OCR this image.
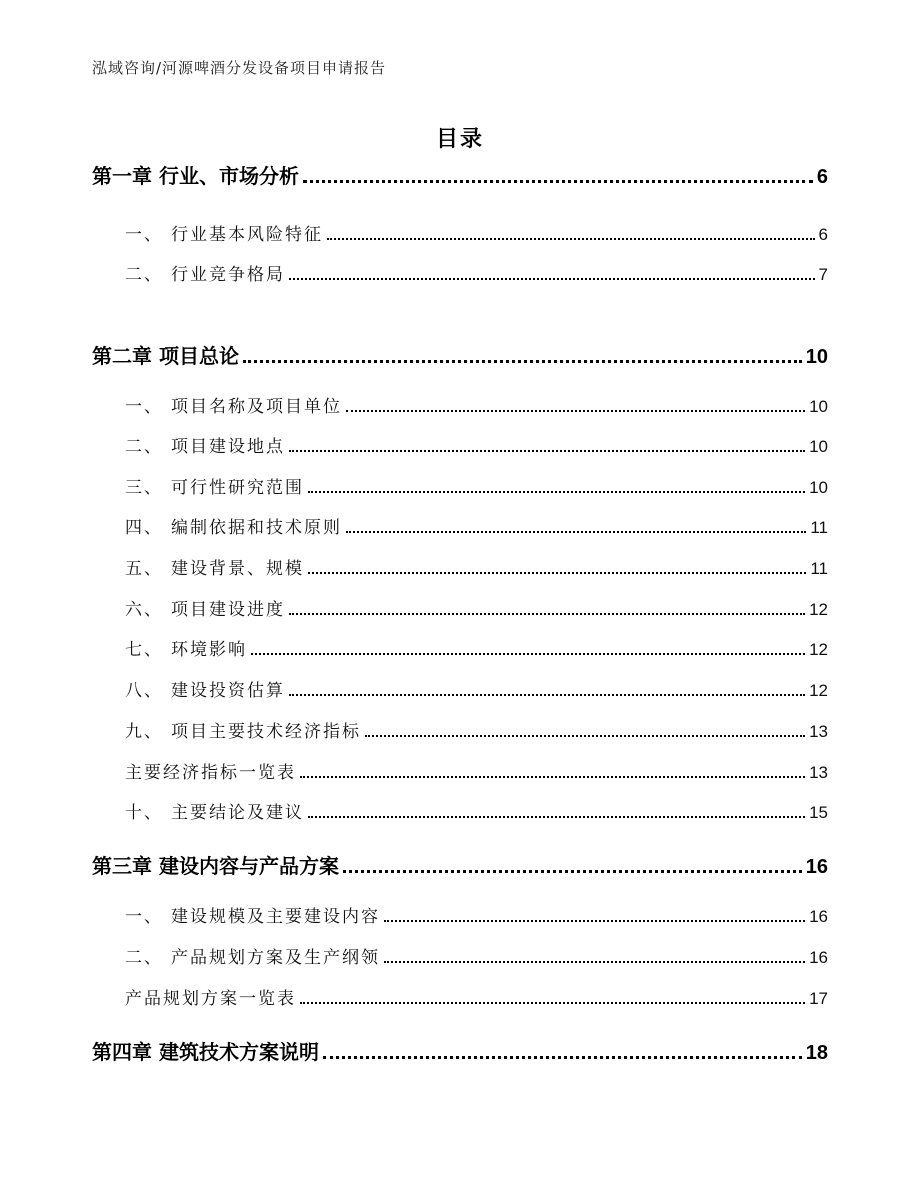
泓域咨询/河源啤酒分发设备项目申请报告
目录
第一章 行业、市场分析	6
一、 行业基本风险特征	6
二、 行业竞争格局	7
第二章 项目总论	10
一、 项目名称及项目单位	10
二、 项目建设地点	10
三、 可行性研究范围	10
四、 编制依据和技术原则	11
五、 建设背景、规模	11
六、 项目建设进度	12
七、 环境影响	12
八、 建设投资估算	12
九、 项目主要技术经济指标	13
主要经济指标一览表	13
十、 主要结论及建议	15
第三章 建设内容与产品方案	16
一、 建设规模及主要建设内容	16
二、 产品规划方案及生产纲领	16
产品规划方案一览表	17
第四章 建筑技术方案说明	18
